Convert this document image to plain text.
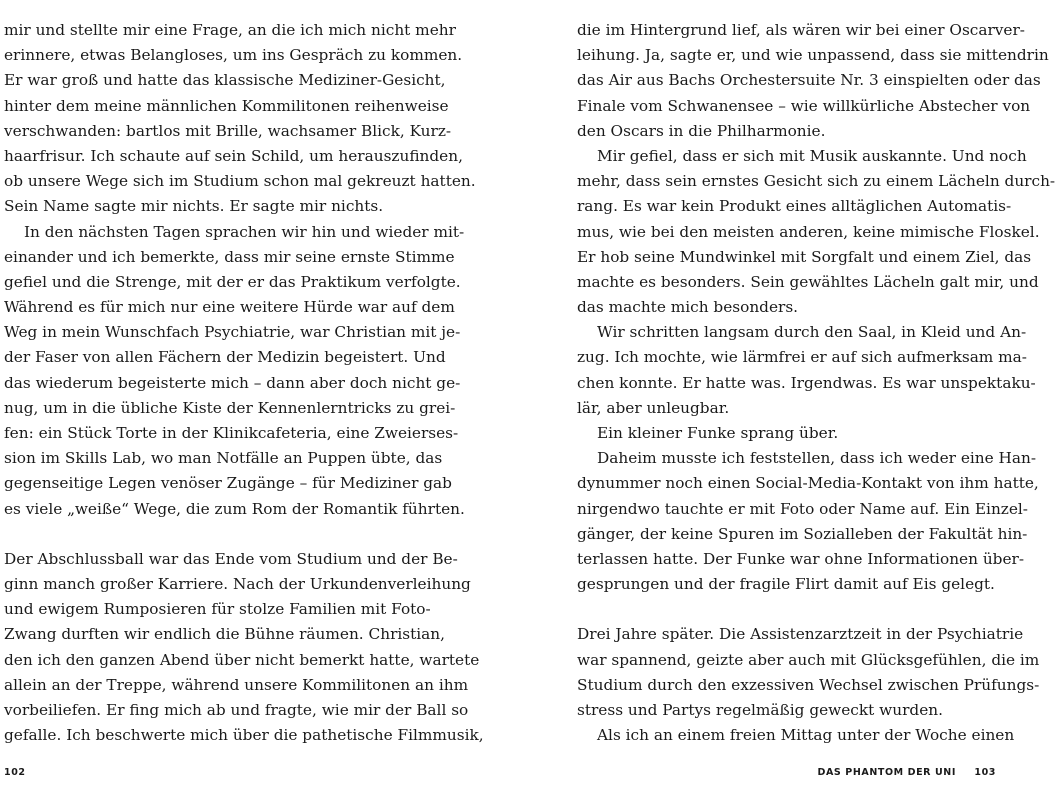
mir und stellte mir eine Frage, an die ich mich nicht mehr
erinnere, etwas Belangloses, um ins Gespräch zu kommen.
Er war groß und hatte das klassische Mediziner-Gesicht,
hinter dem meine männlichen Kommilitonen reihenweise
verschwanden: bartlos mit Brille, wachsamer Blick, Kurz-
haarfrisur. Ich schaute auf sein Schild, um herauszufinden,
ob unsere Wege sich im Studium schon mal gekreuzt hatten.
Sein Name sagte mir nichts. Er sagte mir nichts.
In den nächsten Tagen sprachen wir hin und wieder mit-
einander und ich bemerkte, dass mir seine ernste Stimme
gefiel und die Strenge, mit der er das Praktikum verfolgte.
Während es für mich nur eine weitere Hürde war auf dem
Weg in mein Wunschfach Psychiatrie, war Christian mit je-
der Faser von allen Fächern der Medizin begeistert. Und
das wiederum begeisterte mich – dann aber doch nicht ge-
nug, um in die übliche Kiste der Kennenlerntricks zu grei-
fen: ein Stück Torte in der Klinikcafeteria, eine Zweierses-
sion im Skills Lab, wo man Notfälle an Puppen übte, das
gegenseitige Legen venöser Zugänge – für Mediziner gab
es viele „weiße“ Wege, die zum Rom der Romantik führten.
Der Abschlussball war das Ende vom Studium und der Be-
ginn manch großer Karriere. Nach der Urkundenverleihung
und ewigem Rumposieren für stolze Familien mit Foto-
Zwang durften wir endlich die Bühne räumen. Christian,
den ich den ganzen Abend über nicht bemerkt hatte, wartete
allein an der Treppe, während unsere Kommilitonen an ihm
vorbeiliefen. Er fing mich ab und fragte, wie mir der Ball so
gefalle. Ich beschwerte mich über die pathetische Filmmusik,
die im Hintergrund lief, als wären wir bei einer Oscarver-
leihung. Ja, sagte er, und wie unpassend, dass sie mittendrin
das Air aus Bachs Orchestersuite Nr. 3 einspielten oder das
Finale vom Schwanensee – wie willkürliche Abstecher von
den Oscars in die Philharmonie.
Mir gefiel, dass er sich mit Musik auskannte. Und noch
mehr, dass sein ernstes Gesicht sich zu einem Lächeln durch-
rang. Es war kein Produkt eines alltäglichen Automatis-
mus, wie bei den meisten anderen, keine mimische Floskel.
Er hob seine Mundwinkel mit Sorgfalt und einem Ziel, das
machte es besonders. Sein gewähltes Lächeln galt mir, und
das machte mich besonders.
Wir schritten langsam durch den Saal, in Kleid und An-
zug. Ich mochte, wie lärmfrei er auf sich aufmerksam ma-
chen konnte. Er hatte was. Irgendwas. Es war unspektaku-
lär, aber unleugbar.
Ein kleiner Funke sprang über.
Daheim musste ich feststellen, dass ich weder eine Han-
dynummer noch einen Social-Media-Kontakt von ihm hatte,
nirgendwo tauchte er mit Foto oder Name auf. Ein Einzel-
gänger, der keine Spuren im Sozialleben der Fakultät hin-
terlassen hatte. Der Funke war ohne Informationen über-
gesprungen und der fragile Flirt damit auf Eis gelegt.
Drei Jahre später. Die Assistenzarztzeit in der Psychiatrie
war spannend, geizte aber auch mit Glücksgefühlen, die im
Studium durch den exzessiven Wechsel zwischen Prüfungs-
stress und Partys regelmäßig geweckt wurden.
Als ich an einem freien Mittag unter der Woche einen
102	DAS PHANTOM DER UNI 103
